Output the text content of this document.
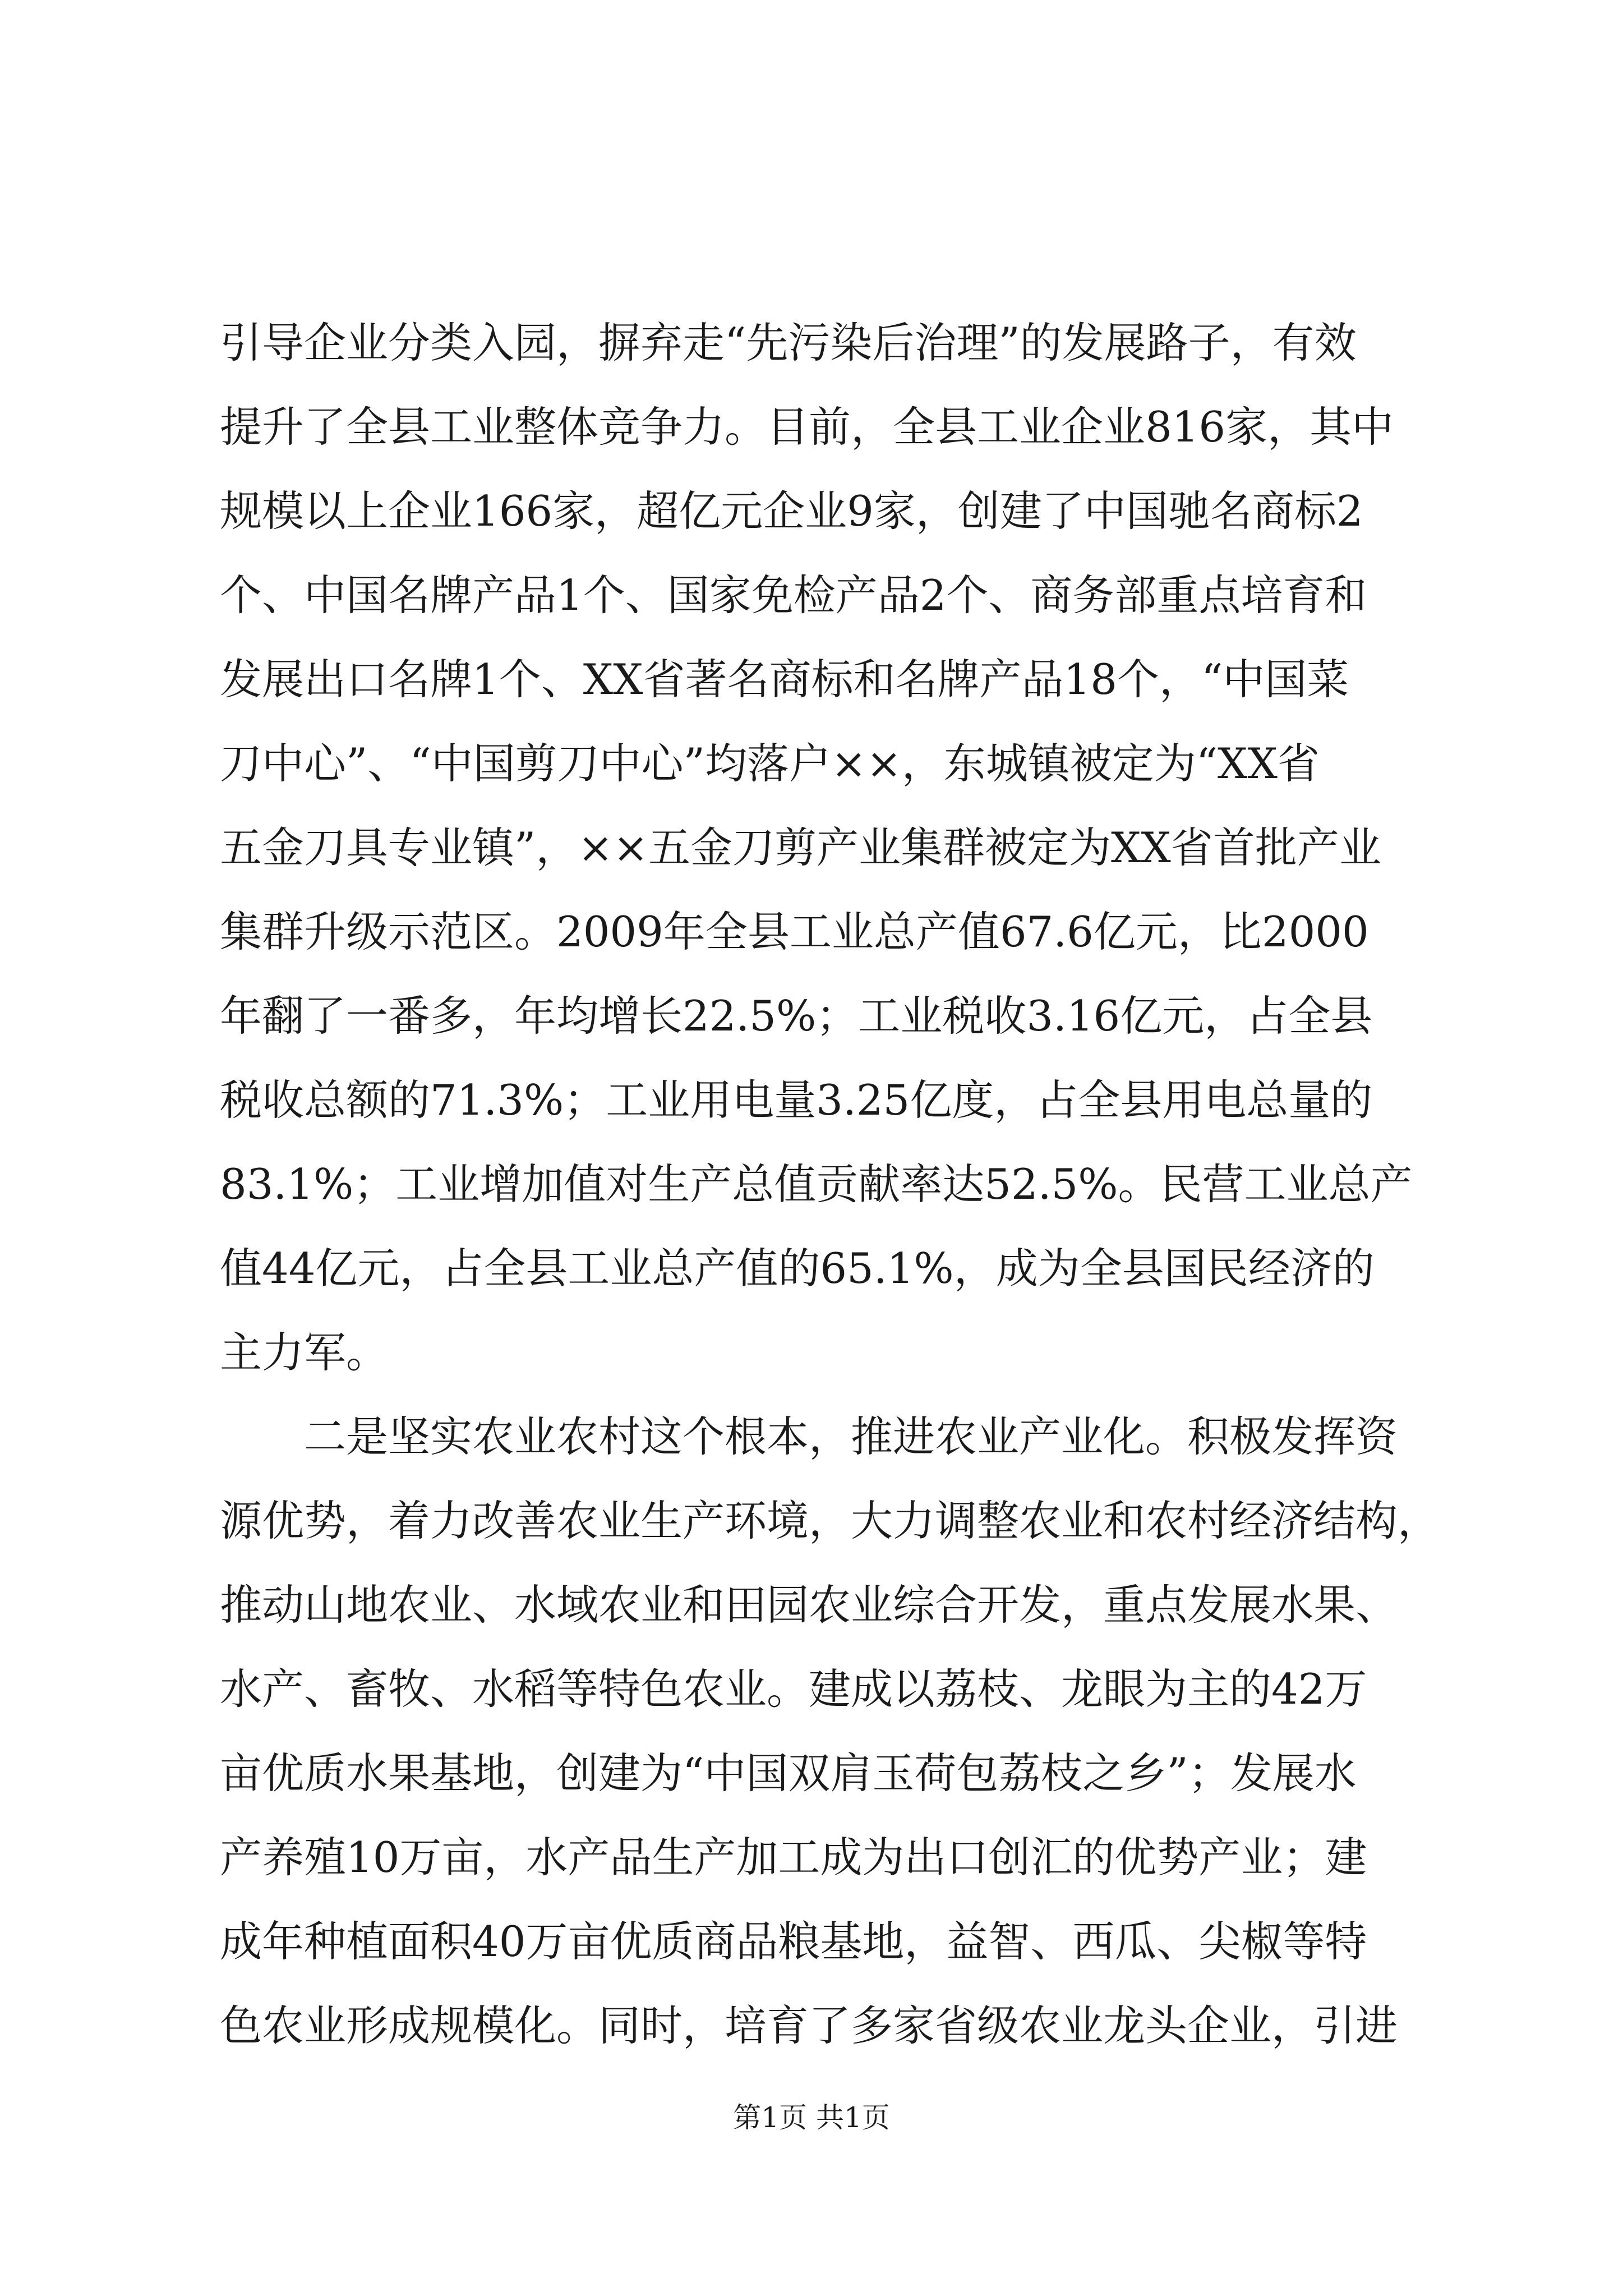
引导企业分类入园，摒弃走“先污染后治理”的发展路子，有效
提升了全县工业整体竞争力。目前，全县工业企业816家，其中
规模以上企业166家，超亿元企业9家，创建了中国驰名商标2
个、中国名牌产品1个、国家免检产品2个、商务部重点培育和
发展出口名牌1个、XX省著名商标和名牌产品18个，“中国菜
刀中心”、“中国剪刀中心”均落户××，东城镇被定为“XX省
五金刀具专业镇”，××五金刀剪产业集群被定为XX省首批产业
集群升级示范区。2009年全县工业总产值67.6亿元，比2000
年翻了一番多，年均增长22.5%；工业税收3.16亿元，占全县
税收总额的71.3%；工业用电量3.25亿度，占全县用电总量的
83.1%；工业增加值对生产总值贡献率达52.5%。民营工业总产
值44亿元，占全县工业总产值的65.1%，成为全县国民经济的
主力军。
　　二是坚实农业农村这个根本，推进农业产业化。积极发挥资
源优势，着力改善农业生产环境，大力调整农业和农村经济结构，
推动山地农业、水域农业和田园农业综合开发，重点发展水果、
水产、畜牧、水稻等特色农业。建成以荔枝、龙眼为主的42万
亩优质水果基地，创建为“中国双肩玉荷包荔枝之乡”；发展水
产养殖10万亩，水产品生产加工成为出口创汇的优势产业；建
成年种植面积40万亩优质商品粮基地，益智、西瓜、尖椒等特
色农业形成规模化。同时，培育了多家省级农业龙头企业，引进
第1页 共1页
